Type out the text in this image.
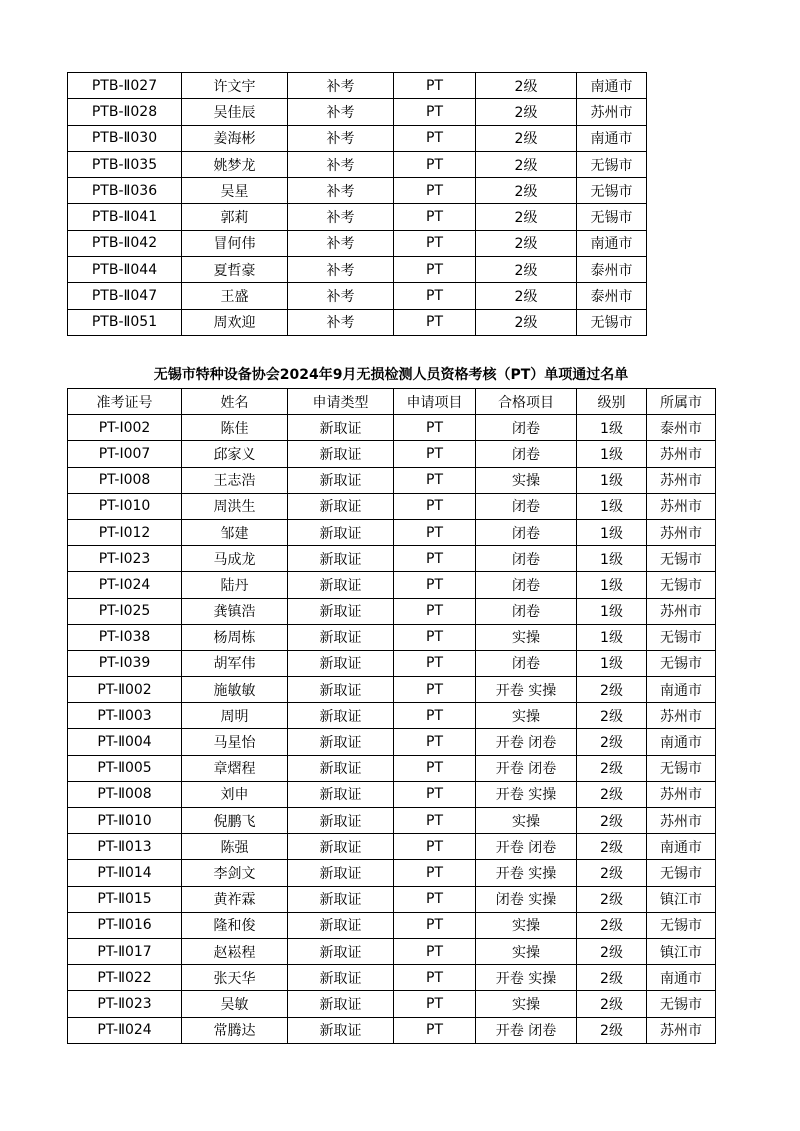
PTB-Ⅱ027	许文宇	补考	PT	2级	南通市
PTB-Ⅱ028	吴佳辰	补考	PT	2级	苏州市
PTB-Ⅱ030	姜海彬	补考	PT	2级	南通市
PTB-Ⅱ035	姚梦龙	补考	PT	2级	无锡市
PTB-Ⅱ036	吴星	补考	PT	2级	无锡市
PTB-Ⅱ041	郭莉	补考	PT	2级	无锡市
PTB-Ⅱ042	冒何伟	补考	PT	2级	南通市
PTB-Ⅱ044	夏哲豪	补考	PT	2级	泰州市
PTB-Ⅱ047	王盛	补考	PT	2级	泰州市
PTB-Ⅱ051	周欢迎	补考	PT	2级	无锡市
无锡市特种设备协会2024年9月无损检测人员资格考核（PT）单项通过名单
准考证号	姓名	申请类型	申请项目	合格项目	级别	所属市
PT-Ⅰ002	陈佳	新取证	PT	闭卷	1级	泰州市
PT-Ⅰ007	邱家义	新取证	PT	闭卷	1级	苏州市
PT-Ⅰ008	王志浩	新取证	PT	实操	1级	苏州市
PT-Ⅰ010	周洪生	新取证	PT	闭卷	1级	苏州市
PT-Ⅰ012	邹建	新取证	PT	闭卷	1级	苏州市
PT-Ⅰ023	马成龙	新取证	PT	闭卷	1级	无锡市
PT-Ⅰ024	陆丹	新取证	PT	闭卷	1级	无锡市
PT-Ⅰ025	龚镇浩	新取证	PT	闭卷	1级	苏州市
PT-Ⅰ038	杨周栋	新取证	PT	实操	1级	无锡市
PT-Ⅰ039	胡军伟	新取证	PT	闭卷	1级	无锡市
PT-Ⅱ002	施敏敏	新取证	PT	开卷 实操	2级	南通市
PT-Ⅱ003	周明	新取证	PT	实操	2级	苏州市
PT-Ⅱ004	马星怡	新取证	PT	开卷 闭卷	2级	南通市
PT-Ⅱ005	章熠程	新取证	PT	开卷 闭卷	2级	无锡市
PT-Ⅱ008	刘申	新取证	PT	开卷 实操	2级	苏州市
PT-Ⅱ010	倪鹏飞	新取证	PT	实操	2级	苏州市
PT-Ⅱ013	陈强	新取证	PT	开卷 闭卷	2级	南通市
PT-Ⅱ014	李剑文	新取证	PT	开卷 实操	2级	无锡市
PT-Ⅱ015	黄祚霖	新取证	PT	闭卷 实操	2级	镇江市
PT-Ⅱ016	隆和俊	新取证	PT	实操	2级	无锡市
PT-Ⅱ017	赵崧程	新取证	PT	实操	2级	镇江市
PT-Ⅱ022	张天华	新取证	PT	开卷 实操	2级	南通市
PT-Ⅱ023	吴敏	新取证	PT	实操	2级	无锡市
PT-Ⅱ024	常腾达	新取证	PT	开卷 闭卷	2级	苏州市
